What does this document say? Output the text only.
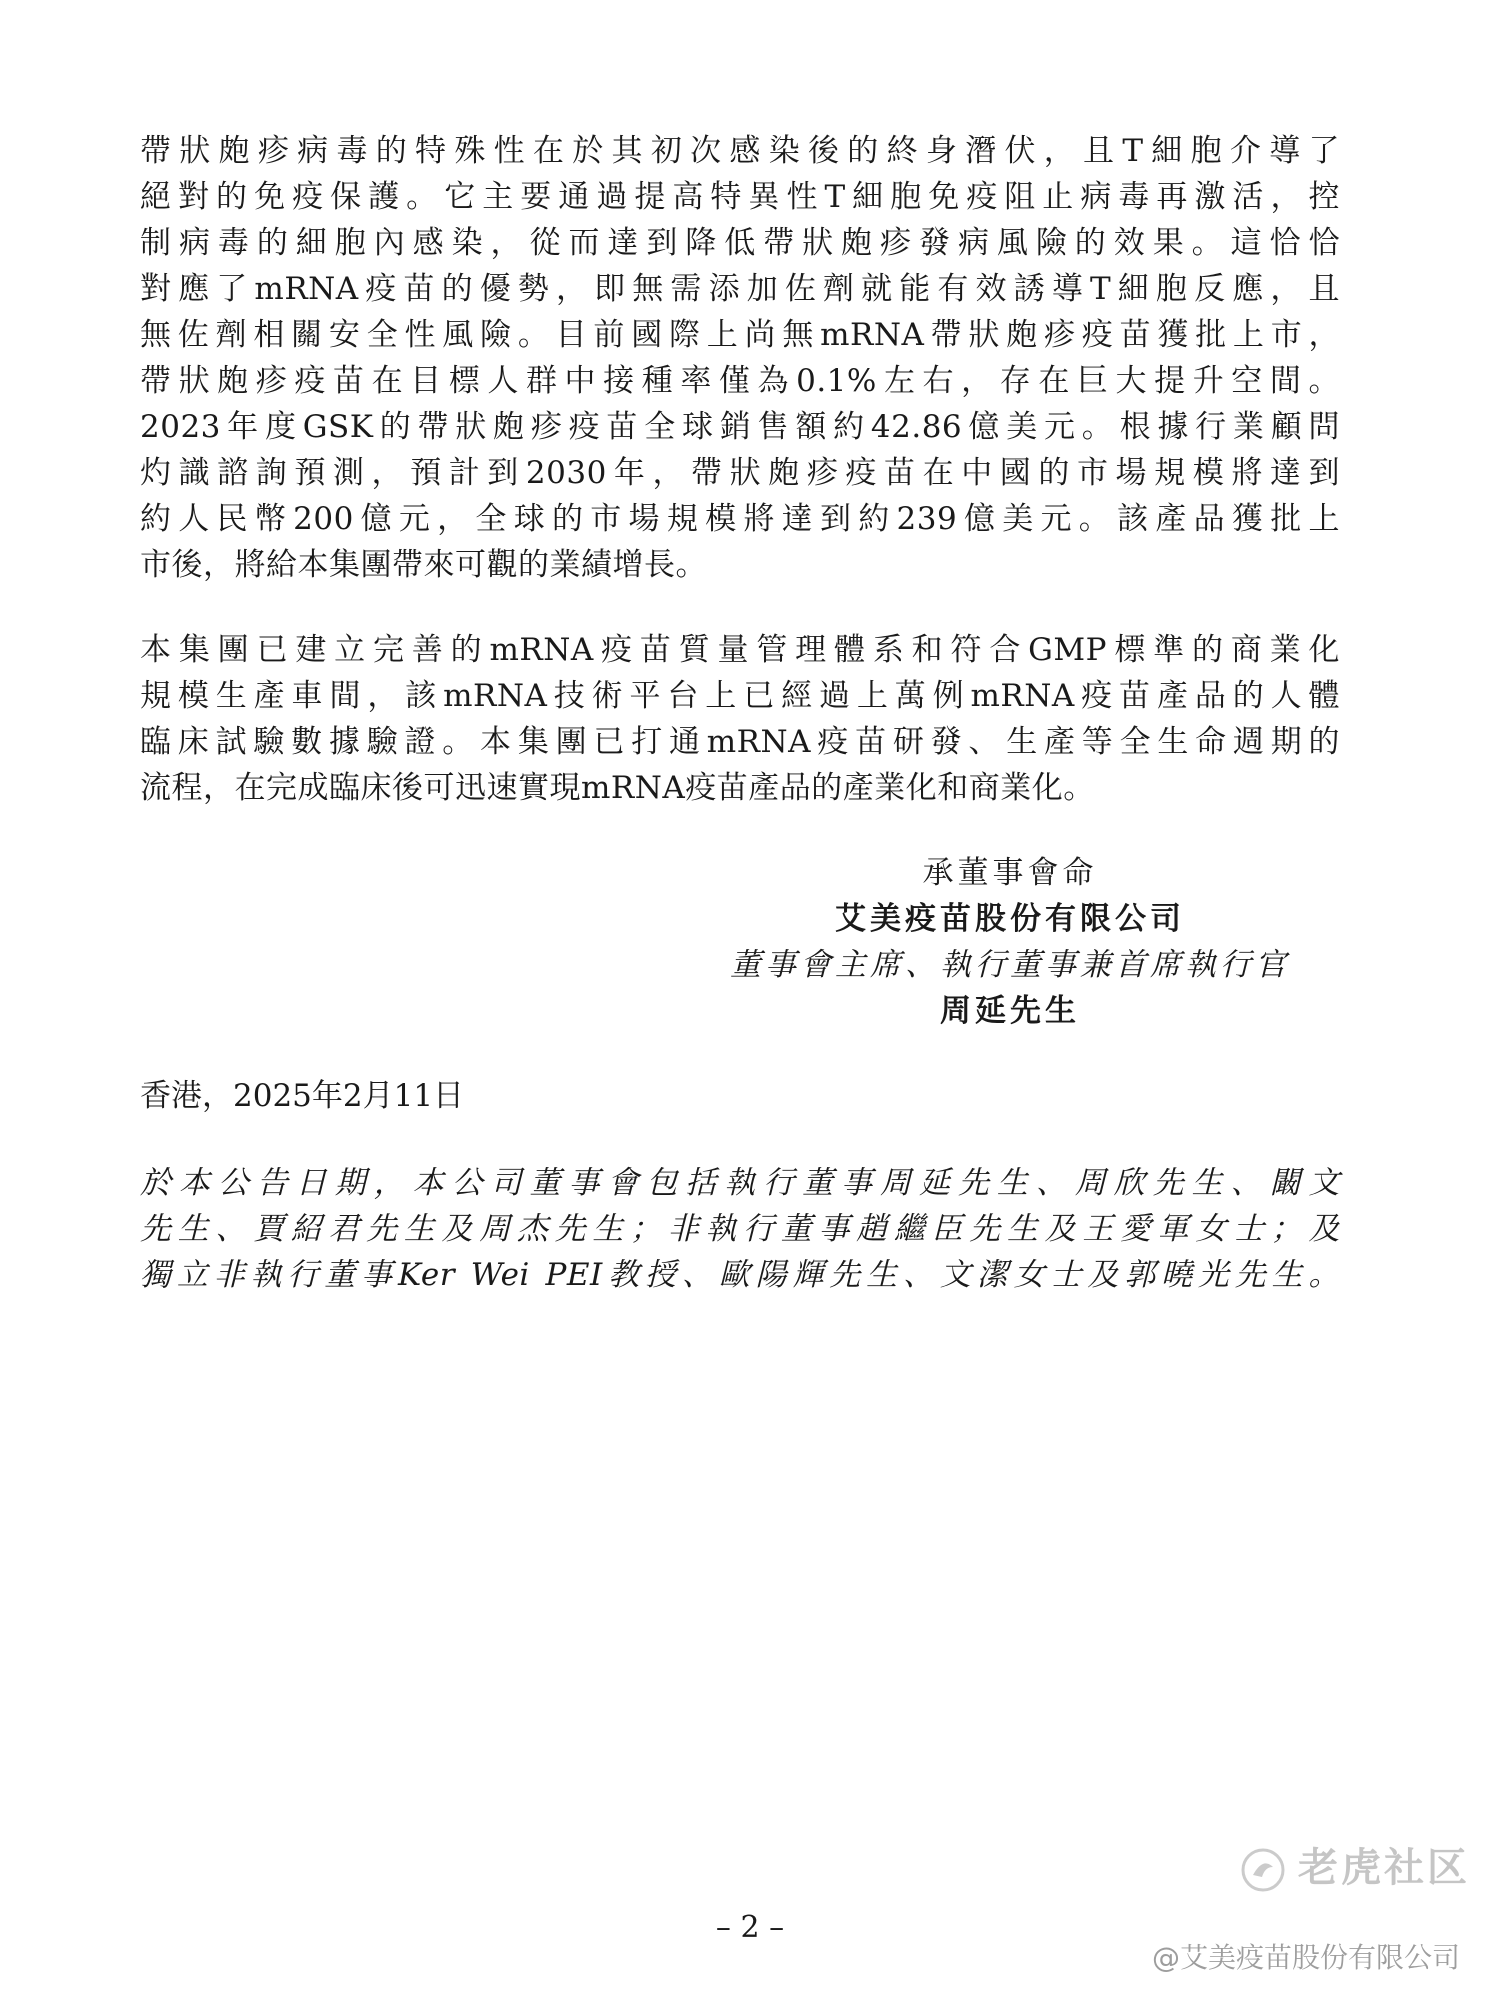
帶狀皰疹病毒的特殊性在於其初次感染後的終身潛伏，且T細胞介導了
絕對的免疫保護。它主要通過提高特異性T細胞免疫阻止病毒再激活，控
制病毒的細胞內感染，從而達到降低帶狀皰疹發病風險的效果。這恰恰
對應了mRNA疫苗的優勢，即無需添加佐劑就能有效誘導T細胞反應，且
無佐劑相關安全性風險。目前國際上尚無mRNA帶狀皰疹疫苗獲批上市，
帶狀皰疹疫苗在目標人群中接種率僅為0.1%左右，存在巨大提升空間。
2023年度GSK的帶狀皰疹疫苗全球銷售額約42.86億美元。根據行業顧問
灼識諮詢預測，預計到2030年，帶狀皰疹疫苗在中國的市場規模將達到
約人民幣200億元，全球的市場規模將達到約239億美元。該產品獲批上
市後，將給本集團帶來可觀的業績增長。
本集團已建立完善的mRNA疫苗質量管理體系和符合GMP標準的商業化
規模生產車間，該mRNA技術平台上已經過上萬例mRNA疫苗產品的人體
臨床試驗數據驗證。本集團已打通mRNA疫苗研發、生產等全生命週期的
流程，在完成臨床後可迅速實現mRNA疫苗產品的產業化和商業化。
承董事會命
艾美疫苗股份有限公司
董事會主席、執行董事兼首席執行官
周延先生
香港，2025年2月11日
於本公告日期，本公司董事會包括執行董事周延先生、周欣先生、闞文
先生、賈紹君先生及周杰先生；非執行董事趙繼臣先生及王愛軍女士；及
獨立非執行董事Ker Wei PEI教授、歐陽輝先生、文潔女士及郭曉光先生。
老虎社区
– 2 –
@艾美疫苗股份有限公司
